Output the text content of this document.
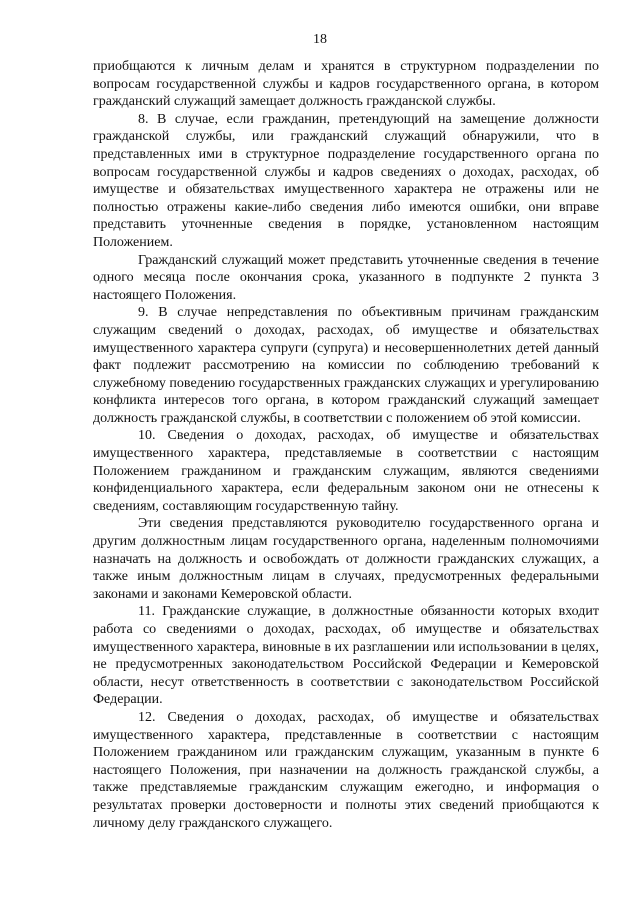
18

приобщаются к личным делам и хранятся в структурном подразделении по вопросам государственной службы и кадров государственного органа, в котором гражданский служащий замещает должность гражданской службы.

8. В случае, если гражданин, претендующий на замещение должности гражданской службы, или гражданский служащий обнаружили, что в представленных ими в структурное подразделение государственного органа по вопросам государственной службы и кадров сведениях о доходах, расходах, об имуществе и обязательствах имущественного характера не отражены или не полностью отражены какие-либо сведения либо имеются ошибки, они вправе представить уточненные сведения в порядке, установленном настоящим Положением.

Гражданский служащий может представить уточненные сведения в течение одного месяца после окончания срока, указанного в подпункте 2 пункта 3 настоящего Положения.

9. В случае непредставления по объективным причинам гражданским служащим сведений о доходах, расходах, об имуществе и обязательствах имущественного характера супруги (супруга) и несовершеннолетних детей данный факт подлежит рассмотрению на комиссии по соблюдению требований к служебному поведению государственных гражданских служащих и урегулированию конфликта интересов того органа, в котором гражданский служащий замещает должность гражданской службы, в соответствии с положением об этой комиссии.

10. Сведения о доходах, расходах, об имуществе и обязательствах имущественного характера, представляемые в соответствии с настоящим Положением гражданином и гражданским служащим, являются сведениями конфиденциального характера, если федеральным законом они не отнесены к сведениям, составляющим государственную тайну.

Эти сведения представляются руководителю государственного органа и другим должностным лицам государственного органа, наделенным полномочиями назначать на должность и освобождать от должности гражданских служащих, а также иным должностным лицам в случаях, предусмотренных федеральными законами и законами Кемеровской области.

11. Гражданские служащие, в должностные обязанности которых входит работа со сведениями о доходах, расходах, об имуществе и обязательствах имущественного характера, виновные в их разглашении или использовании в целях, не предусмотренных законодательством Российской Федерации и Кемеровской области, несут ответственность в соответствии с законодательством Российской Федерации.

12. Сведения о доходах, расходах, об имуществе и обязательствах имущественного характера, представленные в соответствии с настоящим Положением гражданином или гражданским служащим, указанным в пункте 6 настоящего Положения, при назначении на должность гражданской службы, а также представляемые гражданским служащим ежегодно, и информация о результатах проверки достоверности и полноты этих сведений приобщаются к личному делу гражданского служащего.
